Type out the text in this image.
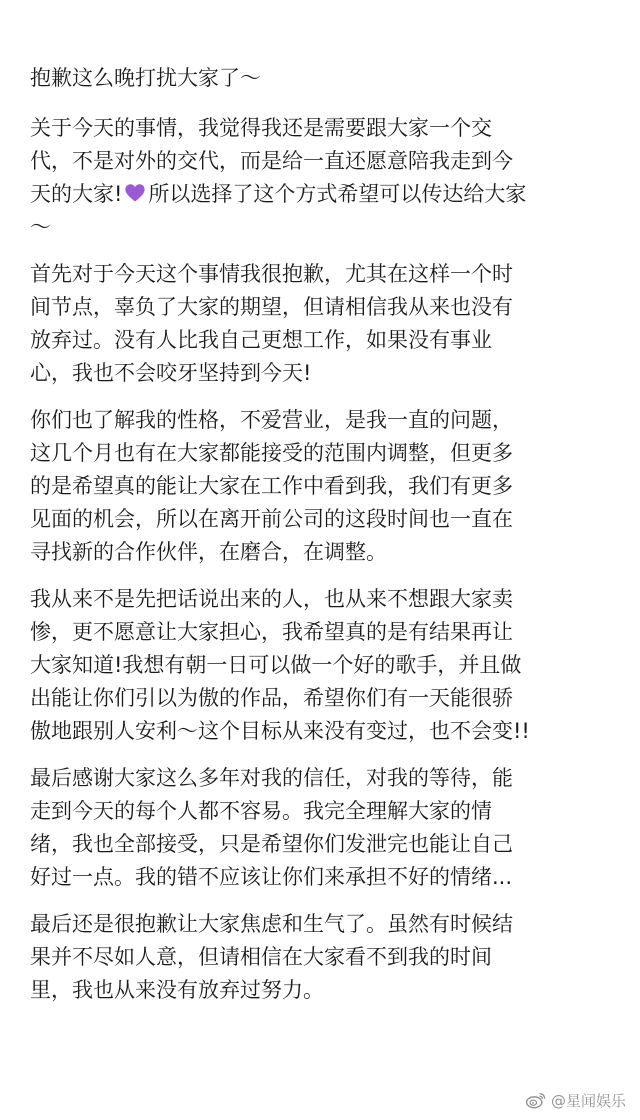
抱歉这么晚打扰大家了～
关于今天的事情，我觉得我还是需要跟大家一个交
代，不是对外的交代，而是给一直还愿意陪我走到今
天的大家! 所以选择了这个方式希望可以传达给大家
～
首先对于今天这个事情我很抱歉，尤其在这样一个时
间节点，辜负了大家的期望，但请相信我从来也没有
放弃过。没有人比我自己更想工作，如果没有事业
心，我也不会咬牙坚持到今天!
你们也了解我的性格，不爱营业，是我一直的问题，
这几个月也有在大家都能接受的范围内调整，但更多
的是希望真的能让大家在工作中看到我，我们有更多
见面的机会，所以在离开前公司的这段时间也一直在
寻找新的合作伙伴，在磨合，在调整。
我从来不是先把话说出来的人，也从来不想跟大家卖
惨，更不愿意让大家担心，我希望真的是有结果再让
大家知道!我想有朝一日可以做一个好的歌手，并且做
出能让你们引以为傲的作品，希望你们有一天能很骄
傲地跟别人安利～这个目标从来没有变过，也不会变!!
最后感谢大家这么多年对我的信任，对我的等待，能
走到今天的每个人都不容易。我完全理解大家的情
绪，我也全部接受，只是希望你们发泄完也能让自己
好过一点。我的错不应该让你们来承担不好的情绪...
最后还是很抱歉让大家焦虑和生气了。虽然有时候结
果并不尽如人意，但请相信在大家看不到我的时间
里，我也从来没有放弃过努力。
@星闻娱乐
